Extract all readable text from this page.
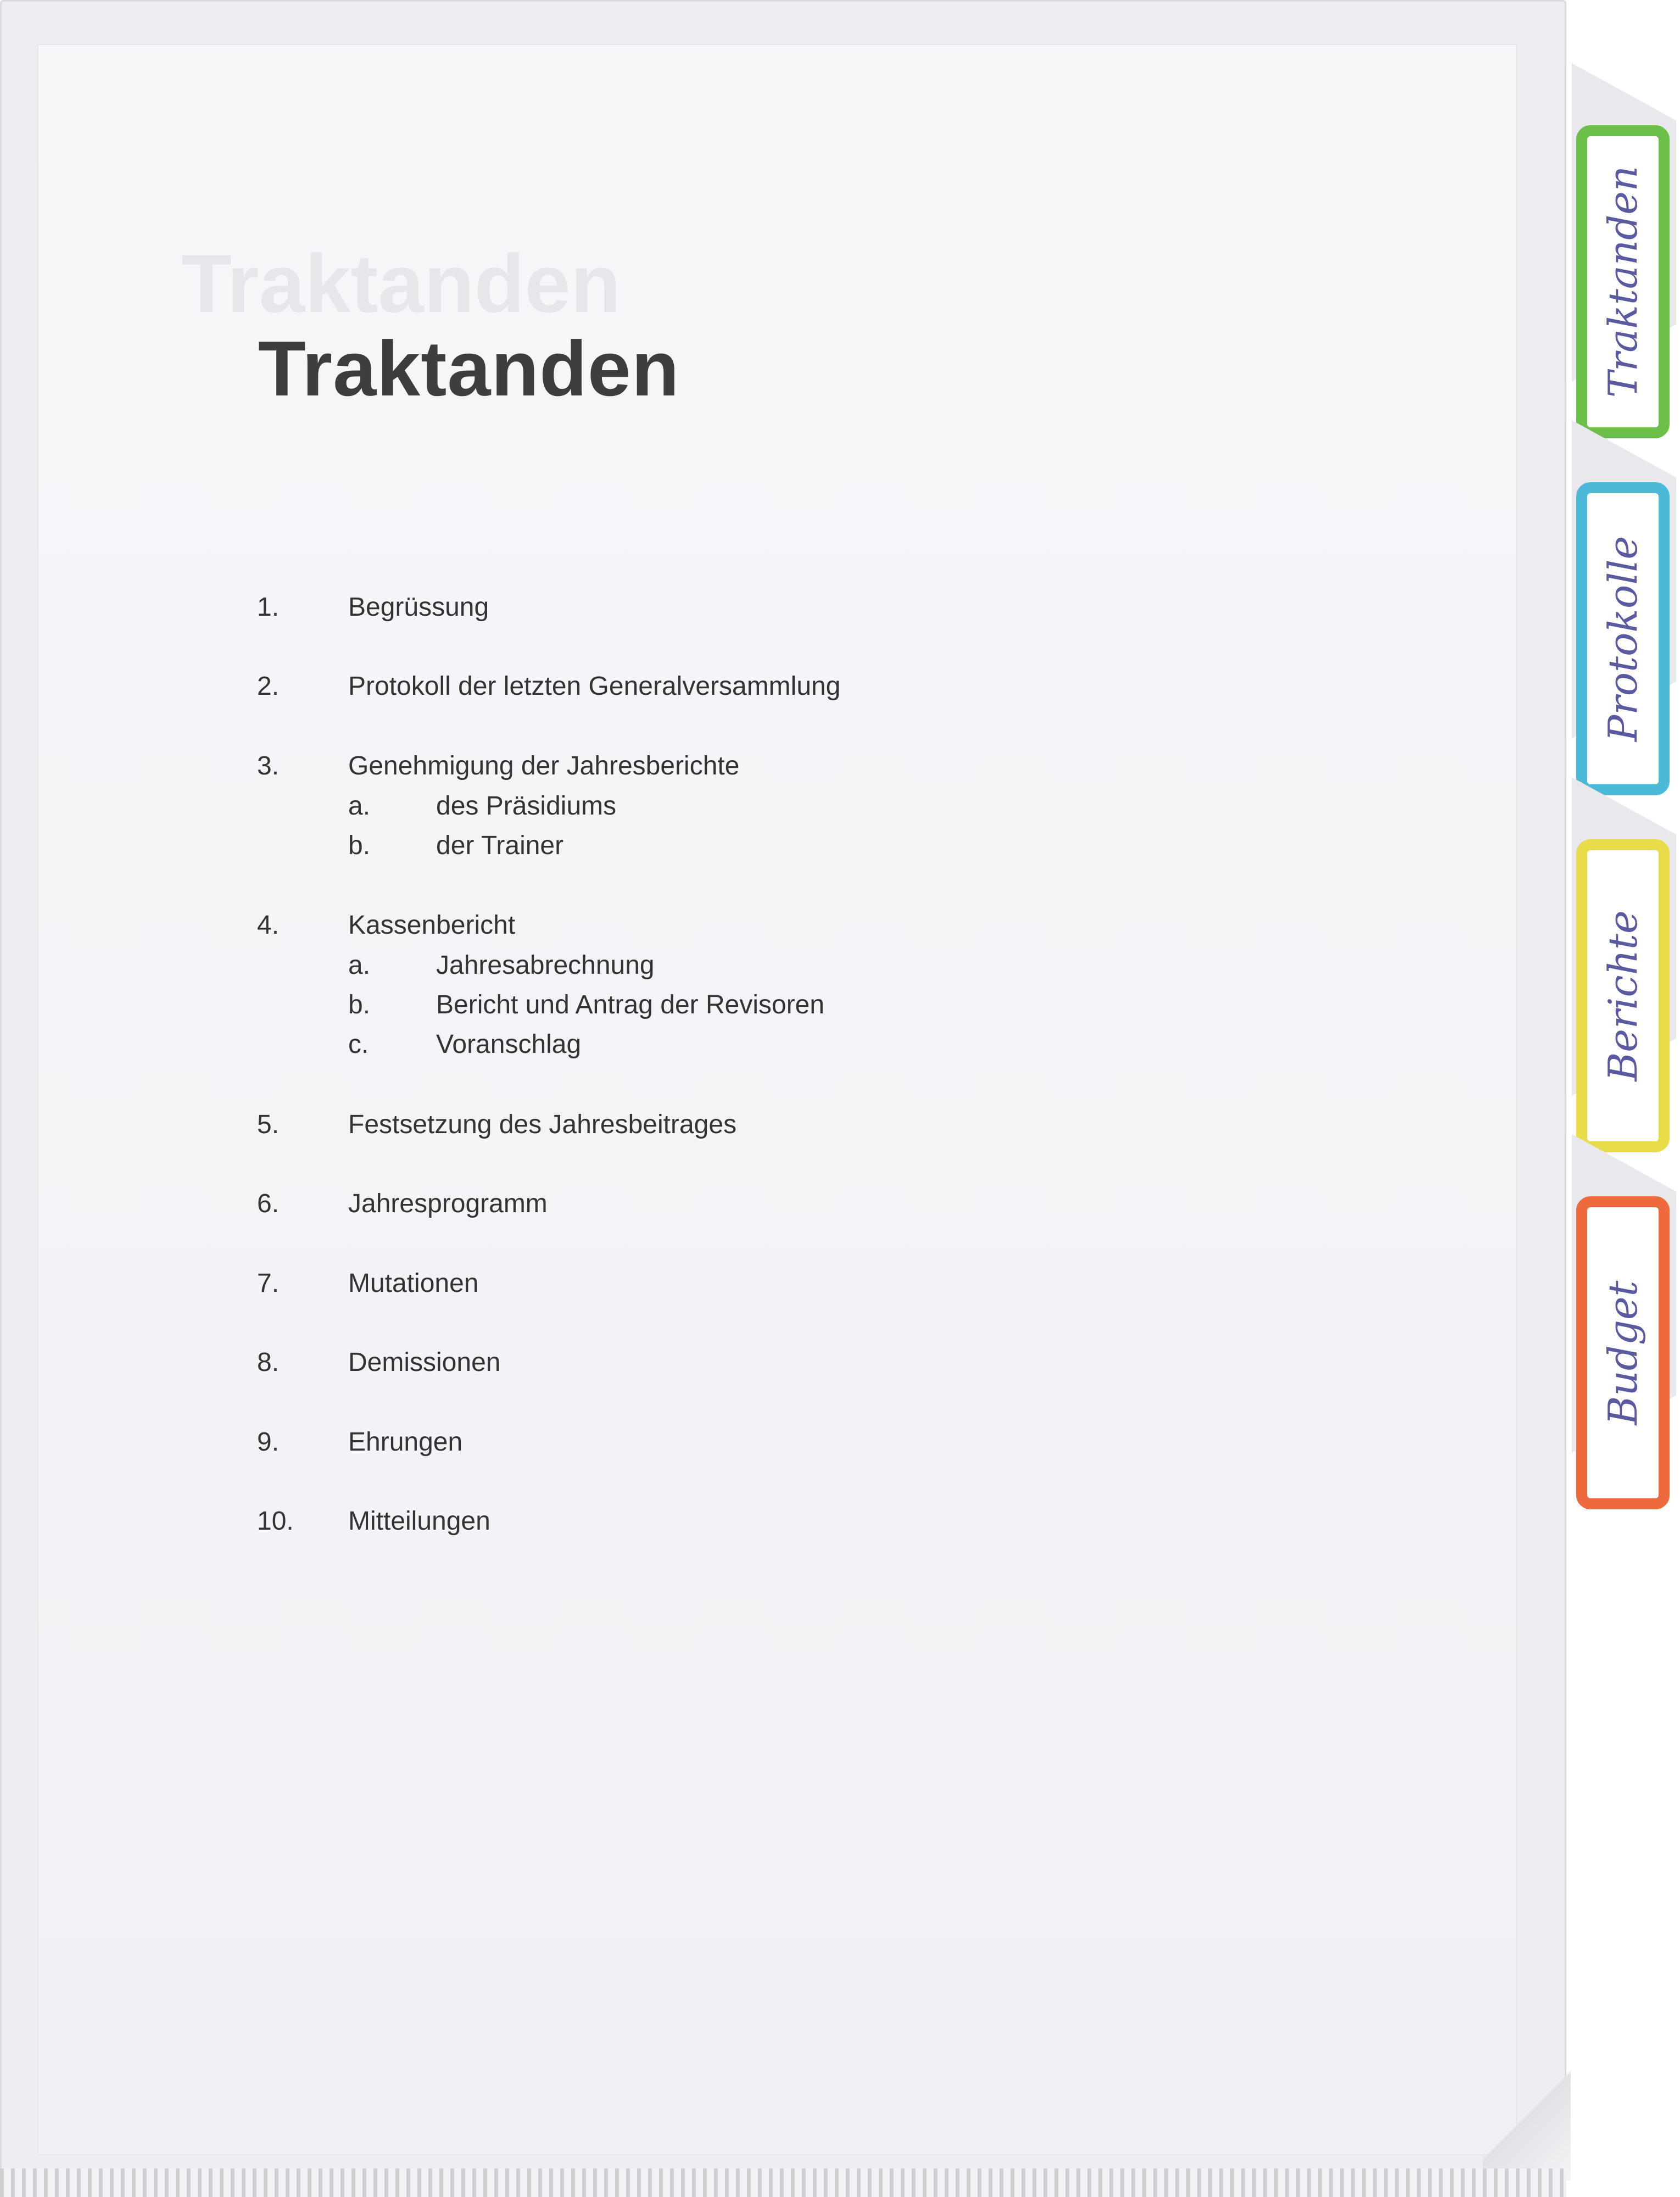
Traktanden
Traktanden
1.	Begrüssung
2.	Protokoll der letzten Generalversammlung
3.	Genehmigung der Jahresberichte
a. des Präsidiums
b. der Trainer
4.	Kassenbericht
a. Jahresabrechnung
b. Bericht und Antrag der Revisoren
c.	Voranschlag
5.	Festsetzung des Jahresbeitrages
6.	Jahresprogramm
7.	Mutationen
8.	Demissionen
9.	Ehrungen
10. Mitteilungen
Traktanden
Protokolle
Berichte
Budget
